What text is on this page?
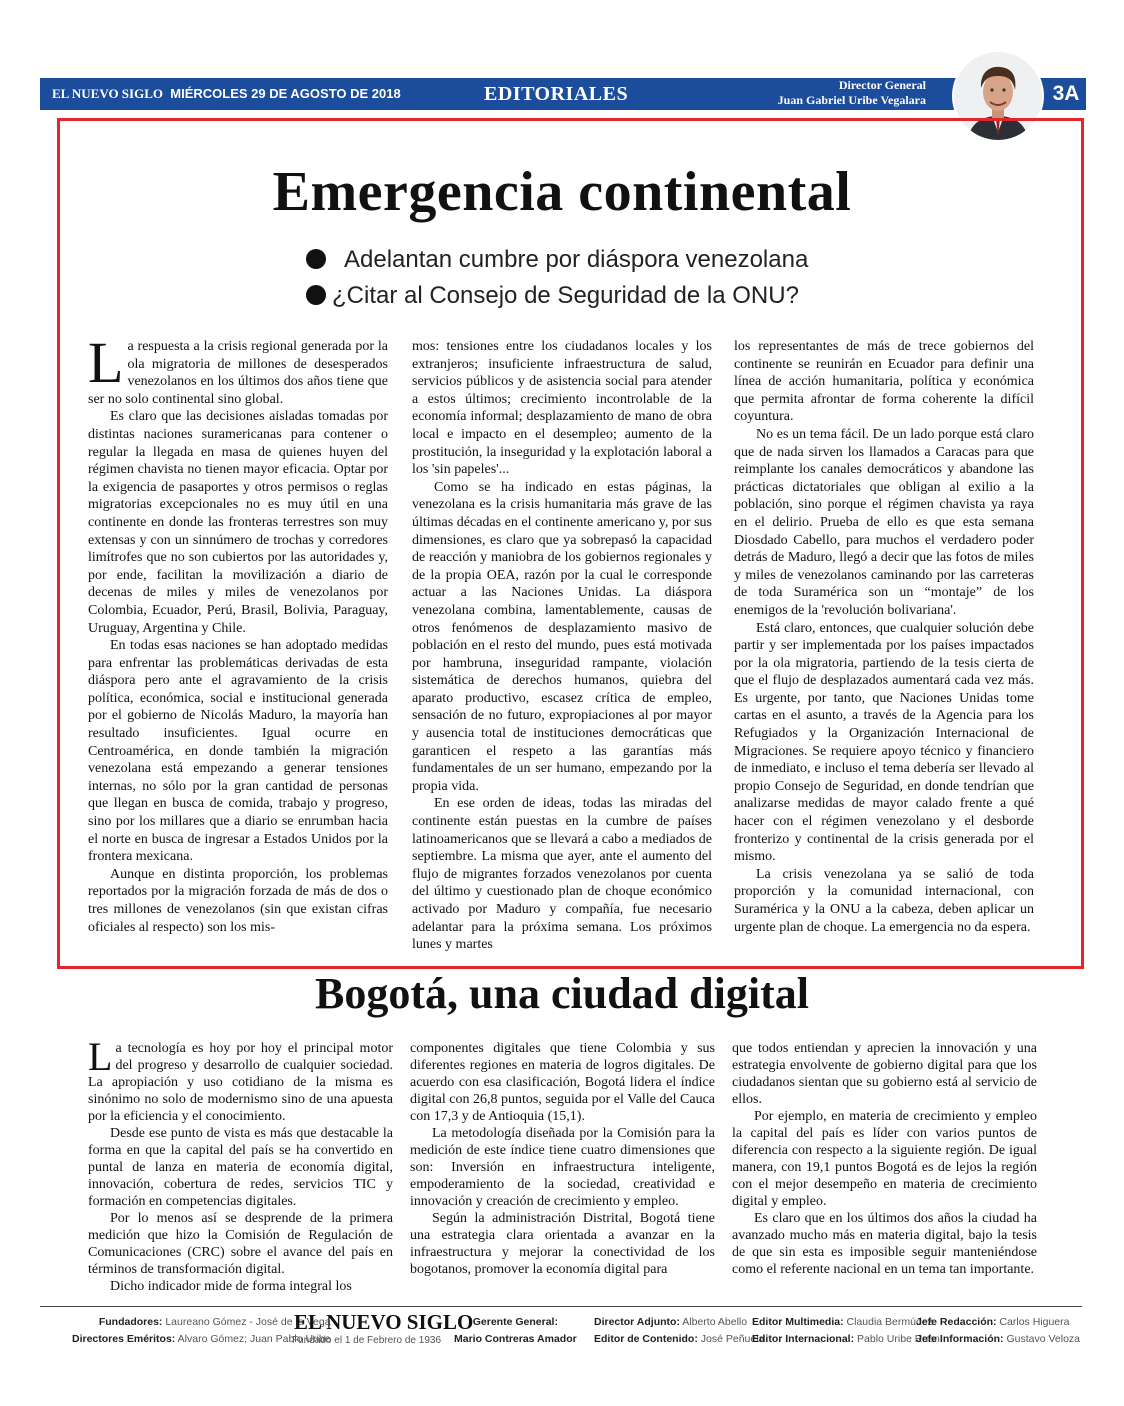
EL NUEVO SIGLO MIÉRCOLES 29 DE AGOSTO DE 2018	EDITORIALES	Director General
Juan Gabriel Uribe Vegalara	3A
Emergencia continental
Adelantan cumbre por diáspora venezolana
¿Citar al Consejo de Seguridad de la ONU?

La respuesta a la crisis regional generada por la ola migratoria de millones de desesperados venezolanos en los últimos dos años tiene que ser no solo continental sino global.

Es claro que las decisiones aisladas tomadas por distintas naciones suramericanas para contener o regular la llegada en masa de quienes huyen del régimen chavista no tienen mayor eficacia. Optar por la exigencia de pasaportes y otros permisos o reglas migratorias excepcionales no es muy útil en una continente en donde las fronteras terrestres son muy extensas y con un sinnúmero de trochas y corredores limítrofes que no son cubiertos por las autoridades y, por ende, facilitan la movilización a diario de decenas de miles y miles de venezolanos por Colombia, Ecuador, Perú, Brasil, Bolivia, Paraguay, Uruguay, Argentina y Chile.

En todas esas naciones se han adoptado medidas para enfrentar las problemáticas derivadas de esta diáspora pero ante el agravamiento de la crisis política, económica, social e institucional generada por el gobierno de Nicolás Maduro, la mayoría han resultado insuficientes. Igual ocurre en Centroamérica, en donde también la migración venezolana está empezando a generar tensiones internas, no sólo por la gran cantidad de personas que llegan en busca de comida, trabajo y progreso, sino por los millares que a diario se enrumban hacia el norte en busca de ingresar a Estados Unidos por la frontera mexicana.

Aunque en distinta proporción, los problemas reportados por la migración forzada de más de dos o tres millones de venezolanos (sin que existan cifras oficiales al respecto) son los mis-

mos: tensiones entre los ciudadanos locales y los extranjeros; insuficiente infraestructura de salud, servicios públicos y de asistencia social para atender a estos últimos; crecimiento incontrolable de la economía informal; desplazamiento de mano de obra local e impacto en el desempleo; aumento de la prostitución, la inseguridad y la explotación laboral a los 'sin papeles'...

Como se ha indicado en estas páginas, la venezolana es la crisis humanitaria más grave de las últimas décadas en el continente americano y, por sus dimensiones, es claro que ya sobrepasó la capacidad de reacción y maniobra de los gobiernos regionales y de la propia OEA, razón por la cual le corresponde actuar a las Naciones Unidas. La diáspora venezolana combina, lamentablemente, causas de otros fenómenos de desplazamiento masivo de población en el resto del mundo, pues está motivada por hambruna, inseguridad rampante, violación sistemática de derechos humanos, quiebra del aparato productivo, escasez crítica de empleo, sensación de no futuro, expropiaciones al por mayor y ausencia total de instituciones democráticas que garanticen el respeto a las garantías más fundamentales de un ser humano, empezando por la propia vida.

En ese orden de ideas, todas las miradas del continente están puestas en la cumbre de países latinoamericanos que se llevará a cabo a mediados de septiembre. La misma que ayer, ante el aumento del flujo de migrantes forzados venezolanos por cuenta del último y cuestionado plan de choque económico activado por Maduro y compañía, fue necesario adelantar para la próxima semana. Los próximos lunes y martes

los representantes de más de trece gobiernos del continente se reunirán en Ecuador para definir una línea de acción humanitaria, política y económica que permita afrontar de forma coherente la difícil coyuntura.

No es un tema fácil. De un lado porque está claro que de nada sirven los llamados a Caracas para que reimplante los canales democráticos y abandone las prácticas dictatoriales que obligan al exilio a la población, sino porque el régimen chavista ya raya en el delirio. Prueba de ello es que esta semana Diosdado Cabello, para muchos el verdadero poder detrás de Maduro, llegó a decir que las fotos de miles y miles de venezolanos caminando por las carreteras de toda Suramérica son un “montaje” de los enemigos de la 'revolución bolivariana'.

Está claro, entonces, que cualquier solución debe partir y ser implementada por los países impactados por la ola migratoria, partiendo de la tesis cierta de que el flujo de desplazados aumentará cada vez más. Es urgente, por tanto, que Naciones Unidas tome cartas en el asunto, a través de la Agencia para los Refugiados y la Organización Internacional de Migraciones. Se requiere apoyo técnico y financiero de inmediato, e incluso el tema debería ser llevado al propio Consejo de Seguridad, en donde tendrían que analizarse medidas de mayor calado frente a qué hacer con el régimen venezolano y el desborde fronterizo y continental de la crisis generada por el mismo.

La crisis venezolana ya se salió de toda proporción y la comunidad internacional, con Suramérica y la ONU a la cabeza, deben aplicar un urgente plan de choque. La emergencia no da espera.

Bogotá, una ciudad digital

La tecnología es hoy por hoy el principal motor del progreso y desarrollo de cualquier sociedad. La apropiación y uso cotidiano de la misma es sinónimo no solo de modernismo sino de una apuesta por la eficiencia y el conocimiento.

Desde ese punto de vista es más que destacable la forma en que la capital del país se ha convertido en puntal de lanza en materia de economía digital, innovación, cobertura de redes, servicios TIC y formación en competencias digitales.

Por lo menos así se desprende de la primera medición que hizo la Comisión de Regulación de Comunicaciones (CRC) sobre el avance del país en términos de transformación digital.

Dicho indicador mide de forma integral los

componentes digitales que tiene Colombia y sus diferentes regiones en materia de logros digitales. De acuerdo con esa clasificación, Bogotá lidera el índice digital con 26,8 puntos, seguida por el Valle del Cauca con 17,3 y de Antioquia (15,1).

La metodología diseñada por la Comisión para la medición de este índice tiene cuatro dimensiones que son: Inversión en infraestructura inteligente, empoderamiento de la sociedad, creatividad e innovación y creación de crecimiento y empleo.

Según la administración Distrital, Bogotá tiene una estrategia clara orientada a avanzar en la infraestructura y mejorar la conectividad de los bogotanos, promover la economía digital para

que todos entiendan y aprecien la innovación y una estrategia envolvente de gobierno digital para que los ciudadanos sientan que su gobierno está al servicio de ellos.

Por ejemplo, en materia de crecimiento y empleo la capital del país es líder con varios puntos de diferencia con respecto a la siguiente región. De igual manera, con 19,1 puntos Bogotá es de lejos la región con el mejor desempeño en materia de crecimiento digital y empleo.

Es claro que en los últimos dos años la ciudad ha avanzado mucho más en materia digital, bajo la tesis de que sin esta es imposible seguir manteniéndose como el referente nacional en un tema tan importante.

Fundadores: Laureano Gómez - José de la Vega
Directores Eméritos: Alvaro Gómez; Juan Pablo Uribe
EL NUEVO SIGLO
Fundado el 1 de Febrero de 1936
Gerente General:
Mario Contreras Amador
Director Adjunto: Alberto Abello
Editor de Contenido: José Peñuela
Editor Multimedia: Claudia Bermúdez
Editor Internacional: Pablo Uribe Ruan
Jefe Redacción: Carlos Higuera
Jefe Información: Gustavo Veloza
